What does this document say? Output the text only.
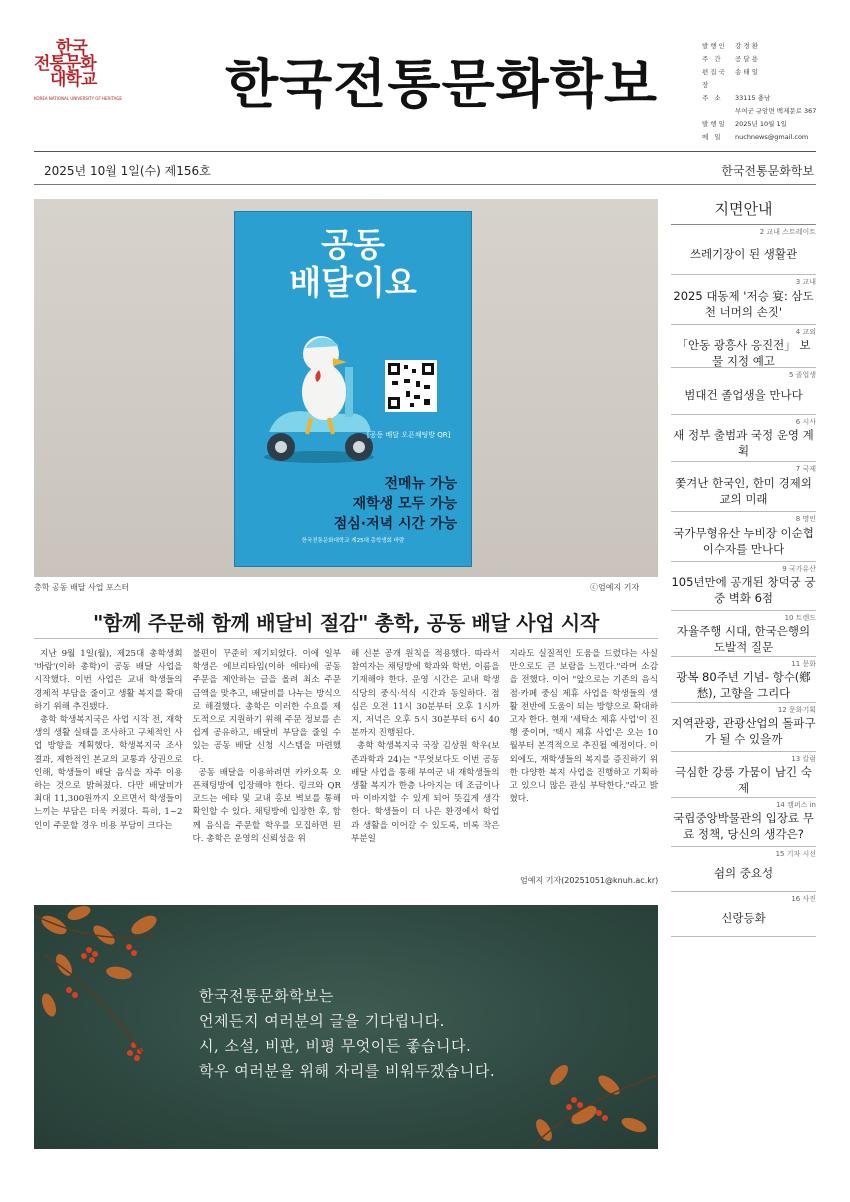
한국
전통문화
대학교
KOREA NATIONAL UNIVERSITY OF HERITAGE 한국전통문화학보
발행인	강 경 환
주 간	공 달 용
편집국장
송 태 일
주 소	33115 충남
부여군 규암면 백제문로 367
발행일	2025년 10월 1일
메 일	nuchnews@gmail.com
2025년 10월 1일(수) 제156호	한국전통문화학보
공동
배달이요
[공동 배달 오픈채팅방 QR]
전메뉴 가능
재학생 모두 가능
점심·저녁 시간 가능
한국전통문화대학교 제25대 총학생회 바람
총학 공동 배달 사업 포스터	ⓒ엄예지 기자
"함께 주문해 함께 배달비 절감" 총학, 공동 배달 사업 시작

지난 9월 1일(월), 제25대 총학생회 '바람'(이하 총학)이 공동 배달 사업을 시작했다. 이번 사업은 교내 학생들의 경제적 부담을 줄이고 생활 복지를 확대하기 위해 추진됐다.

총학 학생복지국은 사업 시작 전, 재학생의 생활 실태를 조사하고 구체적인 사업 방향을 계획했다. 학생복지국 조사 결과, 제한적인 본교의 교통과 상권으로 인해, 학생들이 배달 음식을 자주 이용하는 것으로 밝혀졌다. 다만 배달비가 최대 11,300원까지 오르면서 학생들이 느끼는 부담은 더욱 커졌다. 특히, 1~2인이 주문할 경우 비용 부담이 크다는

불편이 꾸준히 제기되었다. 이에 일부 학생은 에브리타임(이하 에타)에 공동 주문을 제안하는 글을 올려 최소 주문 금액을 맞추고, 배달비를 나누는 방식으로 해결했다. 총학은 이러한 수요를 제도적으로 지원하기 위해 주문 정보를 손쉽게 공유하고, 배달비 부담을 줄일 수 있는 공동 배달 신청 시스템을 마련했다.

공동 배달을 이용하려면 카카오톡 오픈채팅방에 입장해야 한다. 링크와 QR코드는 에타 및 교내 홍보 벽보를 통해 확인할 수 있다. 채팅방에 입장한 후, 함께 음식을 주문할 학우를 모집하면 된다. 총학은 운영의 신뢰성을 위

해 신분 공개 원칙을 적용했다. 따라서 참여자는 채팅방에 학과와 학번, 이름을 기재해야 한다. 운영 시간은 교내 학생식당의 중식·석식 시간과 동일하다. 점심은 오전 11시 30분부터 오후 1시까지, 저녁은 오후 5시 30분부터 6시 40분까지 진행된다.

총학 학생복지국 국장 김상원 학우(보존과학과 24)는 "무엇보다도 이번 공동 배달 사업을 통해 부여군 내 재학생들의 생활 복지가 한층 나아지는 데 조금이나마 이바지할 수 있게 되어 뜻깊게 생각한다. 학생들이 더 나은 환경에서 학업과 생활을 이어갈 수 있도록, 비록 작은 부분일

지라도 실질적인 도움을 드렸다는 사실만으로도 큰 보람을 느낀다."라며 소감을 전했다. 이어 "앞으로는 기존의 음식점·카페 중심 제휴 사업을 학생들의 생활 전반에 도움이 되는 방향으로 확대하고자 한다. 현재 '세탁소 제휴 사업'이 진행 중이며, '택시 제휴 사업'은 오는 10월부터 본격적으로 추진될 예정이다. 이 외에도, 재학생들의 복지를 증진하기 위한 다양한 복지 사업을 진행하고 기획하고 있으니 많은 관심 부탁한다."라고 밝혔다.

엄예지 기자(20251051@knuh.ac.kr)
한국전통문화학보는
언제든지 여러분의 글을 기다립니다.
시, 소설, 비판, 비평 무엇이든 좋습니다.
학우 여러분을 위해 자리를 비워두겠습니다.
지면안내
2 교내 스트레이트
쓰레기장이 된 생활관
3 교내
2025 대동제 '저승 宴: 삼도천 너머의 손짓'
4 교외
「안동 광흥사 응진전」 보물 지정 예고
5 졸업생
범대건 졸업생을 만나다
6 시사
새 정부 출범과 국정 운영 계획
7 국제
쫓겨난 한국인, 한미 경제외교의 미래
8 명인
국가무형유산 누비장 이순협 이수자를 만나다
9 국가유산
105년만에 공개된 창덕궁 궁중 벽화 6점
10 트렌드
자율주행 시대, 한국은행의 도발적 질문
11 문화
광복 80주년 기념- 항수(鄕愁), 고향을 그리다
12 문화기획
지역관광, 관광산업의 돌파구가 될 수 있을까
13 칼럼
극심한 강릉 가뭄이 남긴 숙제
14 캠퍼스 in
국립중앙박물관의 입장료 무료 정책, 당신의 생각은?
15 기자 시선
쉼의 중요성
16 사진
신랑등화
